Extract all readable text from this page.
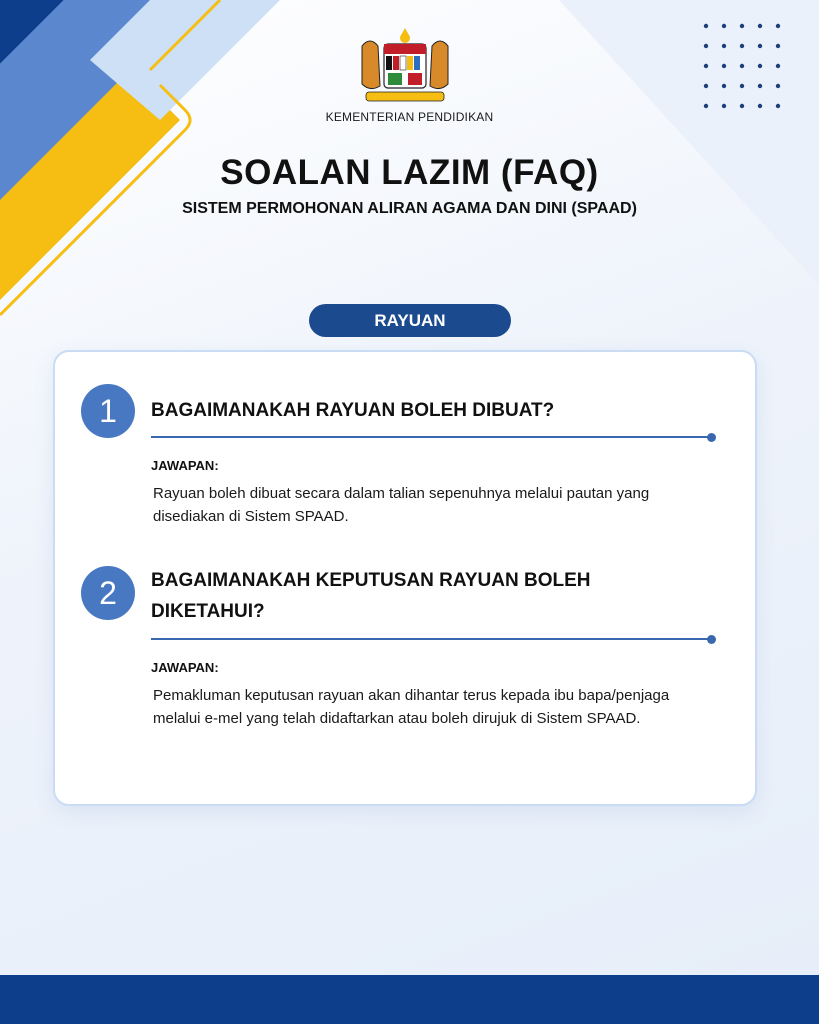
KEMENTERIAN PENDIDIKAN
SOALAN LAZIM (FAQ)
SISTEM PERMOHONAN ALIRAN AGAMA DAN DINI (SPAAD)
RAYUAN
1	BAGAIMANAKAH RAYUAN BOLEH DIBUAT?
JAWAPAN:
Rayuan boleh dibuat secara dalam talian sepenuhnya melalui pautan yang disediakan di Sistem SPAAD.
2	BAGAIMANAKAH KEPUTUSAN RAYUAN BOLEH DIKETAHUI?
JAWAPAN:
Pemakluman keputusan rayuan akan dihantar terus kepada ibu bapa/penjaga melalui e-mel yang telah didaftarkan atau boleh dirujuk di Sistem SPAAD.
